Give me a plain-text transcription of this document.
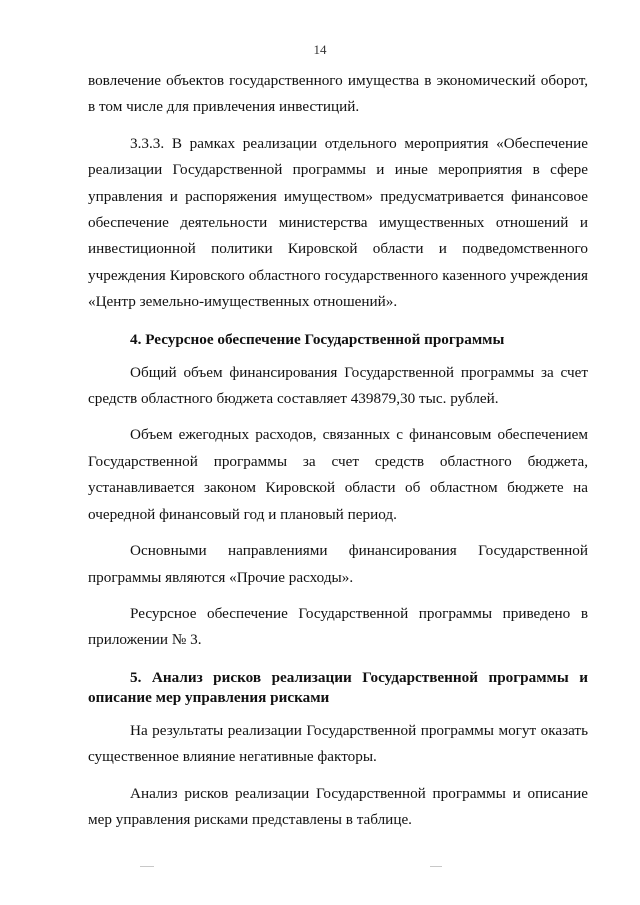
14

вовлечение объектов государственного имущества в экономический оборот, в том числе для привлечения инвестиций.

3.3.3. В рамках реализации отдельного мероприятия «Обеспечение реализации Государственной программы и иные мероприятия в сфере управления и распоряжения имуществом» предусматривается финансовое обеспечение деятельности министерства имущественных отношений и инвестиционной политики Кировской области и подведомственного учреждения Кировского областного государственного казенного учреждения «Центр земельно-имущественных отношений».

4. Ресурсное обеспечение Государственной программы

Общий объем финансирования Государственной программы за счет средств областного бюджета составляет 439879,30 тыс. рублей.

Объем ежегодных расходов, связанных с финансовым обеспечением Государственной программы за счет средств областного бюджета, устанавливается законом Кировской области об областном бюджете на очередной финансовый год и плановый период.

Основными направлениями финансирования Государственной программы являются «Прочие расходы».

Ресурсное обеспечение Государственной программы приведено в приложении № 3.

5. Анализ рисков реализации Государственной программы и описание мер управления рисками

На результаты реализации Государственной программы могут оказать существенное влияние негативные факторы.

Анализ рисков реализации Государственной программы и описание мер управления рисками представлены в таблице.
